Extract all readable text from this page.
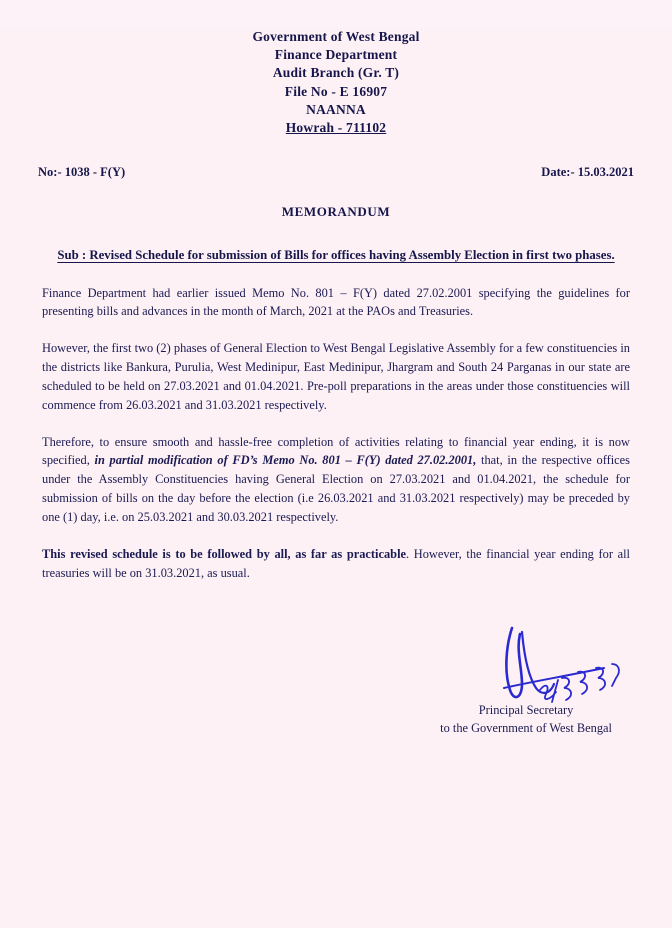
Government of West Bengal
Finance Department
Audit Branch (Gr. T)
File No - E 16907
NAANNA
Howrah - 711102
No:- 1038 - F(Y)	Date:- 15.03.2021
MEMORANDUM
Sub : Revised Schedule for submission of Bills for offices having Assembly Election in first two phases.
Finance Department had earlier issued Memo No. 801 – F(Y) dated 27.02.2001 specifying the guidelines for presenting bills and advances in the month of March, 2021 at the PAOs and Treasuries.
However, the first two (2) phases of General Election to West Bengal Legislative Assembly for a few constituencies in the districts like Bankura, Purulia, West Medinipur, East Medinipur, Jhargram and South 24 Parganas in our state are scheduled to be held on 27.03.2021 and 01.04.2021. Pre-poll preparations in the areas under those constituencies will commence from 26.03.2021 and 31.03.2021 respectively.
Therefore, to ensure smooth and hassle-free completion of activities relating to financial year ending, it is now specified, in partial modification of FD’s Memo No. 801 – F(Y) dated 27.02.2001, that, in the respective offices under the Assembly Constituencies having General Election on 27.03.2021 and 01.04.2021, the schedule for submission of bills on the day before the election (i.e 26.03.2021 and 31.03.2021 respectively) may be preceded by one (1) day, i.e. on 25.03.2021 and 30.03.2021 respectively.
This revised schedule is to be followed by all, as far as practicable. However, the financial year ending for all treasuries will be on 31.03.2021, as usual.
Principal Secretary
to the Government of West Bengal
